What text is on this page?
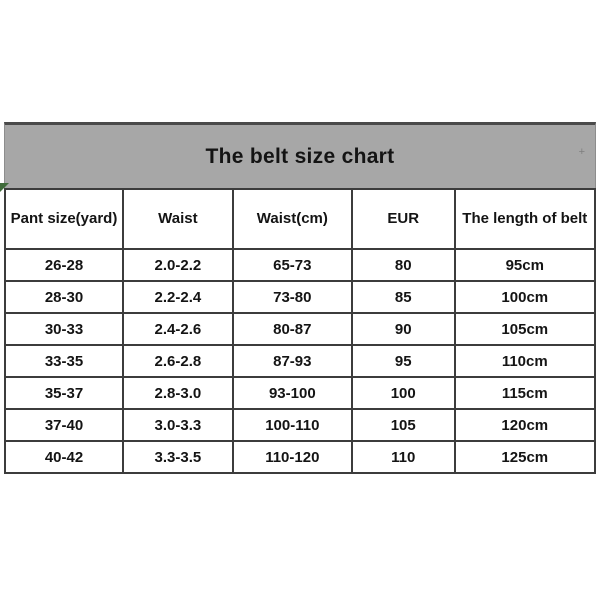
The belt size chart	+
Pant size(yard)	Waist	Waist(cm)	EUR	The length of belt
26-28	2.0-2.2	65-73	80	95cm
28-30	2.2-2.4	73-80	85	100cm
30-33	2.4-2.6	80-87	90	105cm
33-35	2.6-2.8	87-93	95	110cm
35-37	2.8-3.0	93-100	100	115cm
37-40	3.0-3.3	100-110	105	120cm
40-42	3.3-3.5	110-120	110	125cm
